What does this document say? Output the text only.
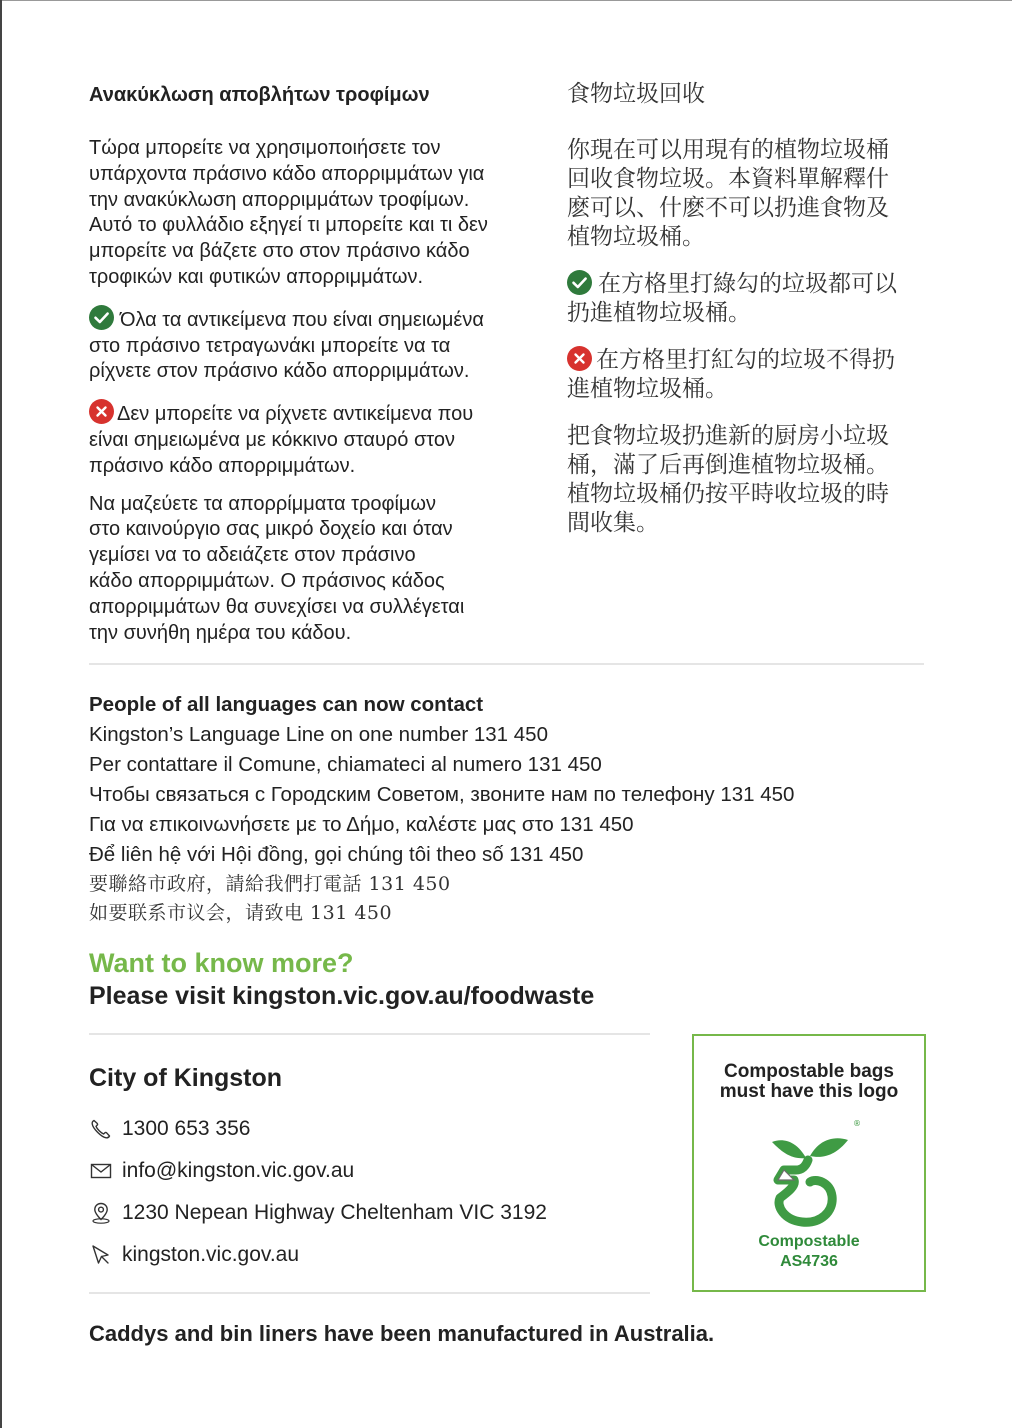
Ανακύκλωση αποβλήτων τροφίμων
Τώρα μπορείτε να χρησιμοποιήσετε τον
υπάρχοντα πράσινο κάδο απορριμμάτων για
την ανακύκλωση απορριμμάτων τροφίμων.
Αυτό το φυλλάδιο εξηγεί τι μπορείτε και τι δεν
μπορείτε να βάζετε στο στον πράσινο κάδο
τροφικών και φυτικών απορριμμάτων.
Όλα τα αντικείμενα που είναι σημειωμένα
στο πράσινο τετραγωνάκι μπορείτε να τα
ρίχνετε στον πράσινο κάδο απορριμμάτων.
Δεν μπορείτε να ρίχνετε αντικείμενα που
είναι σημειωμένα με κόκκινο σταυρό στον
πράσινο κάδο απορριμμάτων.
Να μαζεύετε τα απορρίμματα τροφίμων
στο καινούργιο σας μικρό δοχείο και όταν
γεμίσει να το αδειάζετε στον πράσινο
κάδο απορριμμάτων. Ο πράσινος κάδος
απορριμμάτων θα συνεχίσει να συλλέγεται
την συνήθη ημέρα του κάδου.
食物垃圾回收
你現在可以用現有的植物垃圾桶
回收食物垃圾。本資料單解釋什
麽可以、什麽不可以扔進食物及
植物垃圾桶。
在方格里打綠勾的垃圾都可以
扔進植物垃圾桶。
在方格里打紅勾的垃圾不得扔
進植物垃圾桶。
把食物垃圾扔進新的厨房小垃圾
桶，滿了后再倒進植物垃圾桶。
植物垃圾桶仍按平時收垃圾的時
間收集。
People of all languages can now contact
Kingston’s Language Line on one number 131 450
Per contattare il Comune, chiamateci al numero 131 450
Чтобы связаться с Городским Советом, звоните нам по телефону 131 450
Για να επικοινωνήσετε με το Δήμο, καλέστε μας στο 131 450
Để liên hệ với Hội đồng, gọi chúng tôi theo số 131 450
要聯絡市政府，請給我們打電話 131 450
如要联系市议会，请致电 131 450
Want to know more?
Please visit kingston.vic.gov.au/foodwaste
City of Kingston
1300 653 356
info@kingston.vic.gov.au
1230 Nepean Highway Cheltenham VIC 3192
kingston.vic.gov.au
Compostable bags
must have this logo
®
Compostable
AS4736
Caddys and bin liners have been manufactured in Australia.
